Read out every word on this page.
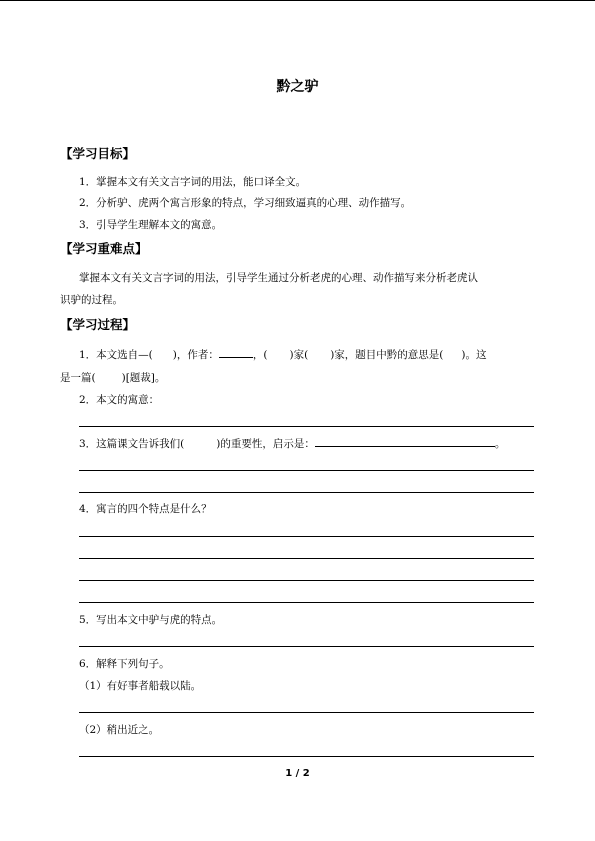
黔之驴
【学习目标】
1．掌握本文有关文言字词的用法，能口译全文。
2．分析驴、虎两个寓言形象的特点，学习细致逼真的心理、动作描写。
3．引导学生理解本文的寓意。
【学习重难点】
掌握本文有关文言字词的用法，引导学生通过分析老虎的心理、动作描写来分析老虎认
识驴的过程。
【学习过程】
1．本文选自—( )，作者：	，( )家( )家，题目中黔的意思是( )。这
是一篇( )[题裁]。
2．本文的寓意：
3．这篇课文告诉我们(	)的重要性，启示是：	。
4．寓言的四个特点是什么？
5．写出本文中驴与虎的特点。
6．解释下列句子。
（1）有好事者船载以陆。
（2）稍出近之。
1 / 2
